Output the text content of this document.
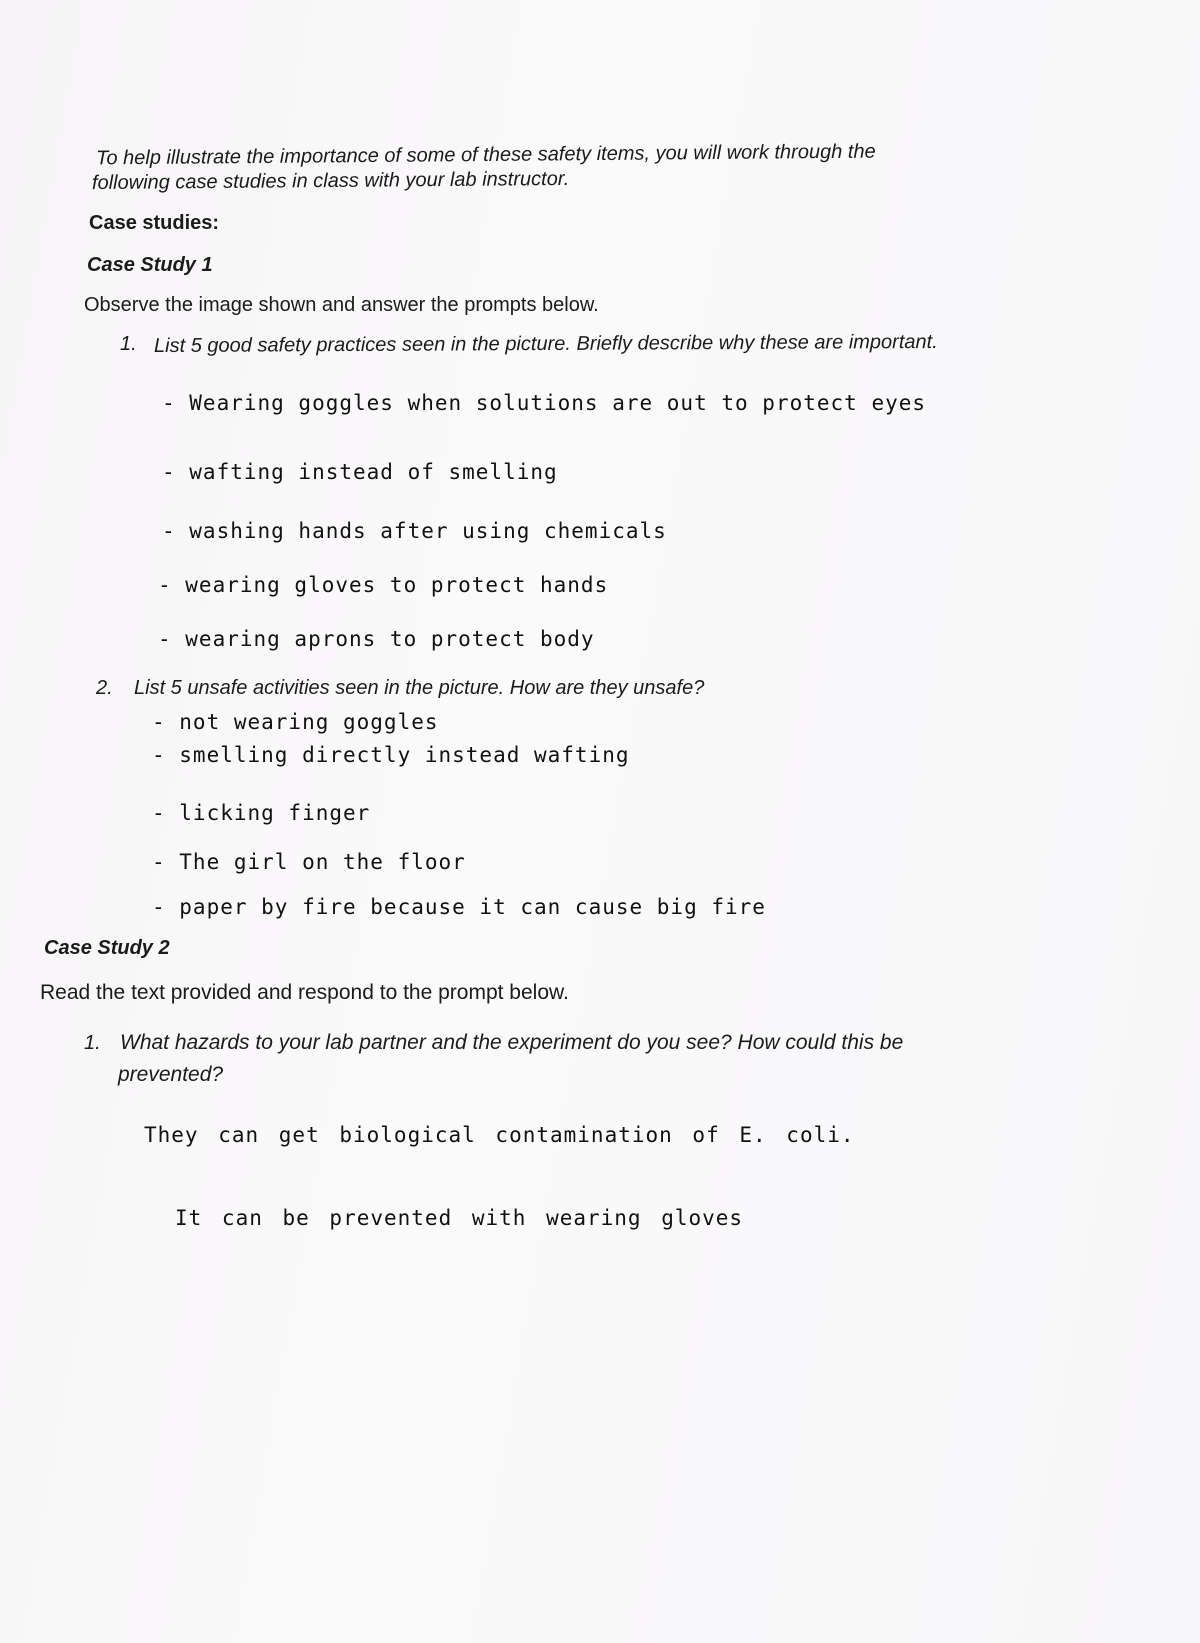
To help illustrate the importance of some of these safety items, you will work through the
following case studies in class with your lab instructor.
Case studies:
Case Study 1
Observe the image shown and answer the prompts below.
1. List 5 good safety practices seen in the picture. Briefly describe why these are important.
- Wearing goggles when solutions are out to protect eyes
- wafting instead of smelling
- washing hands after using chemicals
- wearing gloves to protect hands
- wearing aprons to protect body
2. List 5 unsafe activities seen in the picture. How are they unsafe?
- not wearing goggles
- smelling directly instead wafting
- licking finger
- The girl on the floor
- paper by fire because it can cause big fire
Case Study 2
Read the text provided and respond to the prompt below.
1. What hazards to your lab partner and the experiment do you see? How could this be
prevented?
They can get biological contamination of E. coli.
It can be prevented with wearing gloves
